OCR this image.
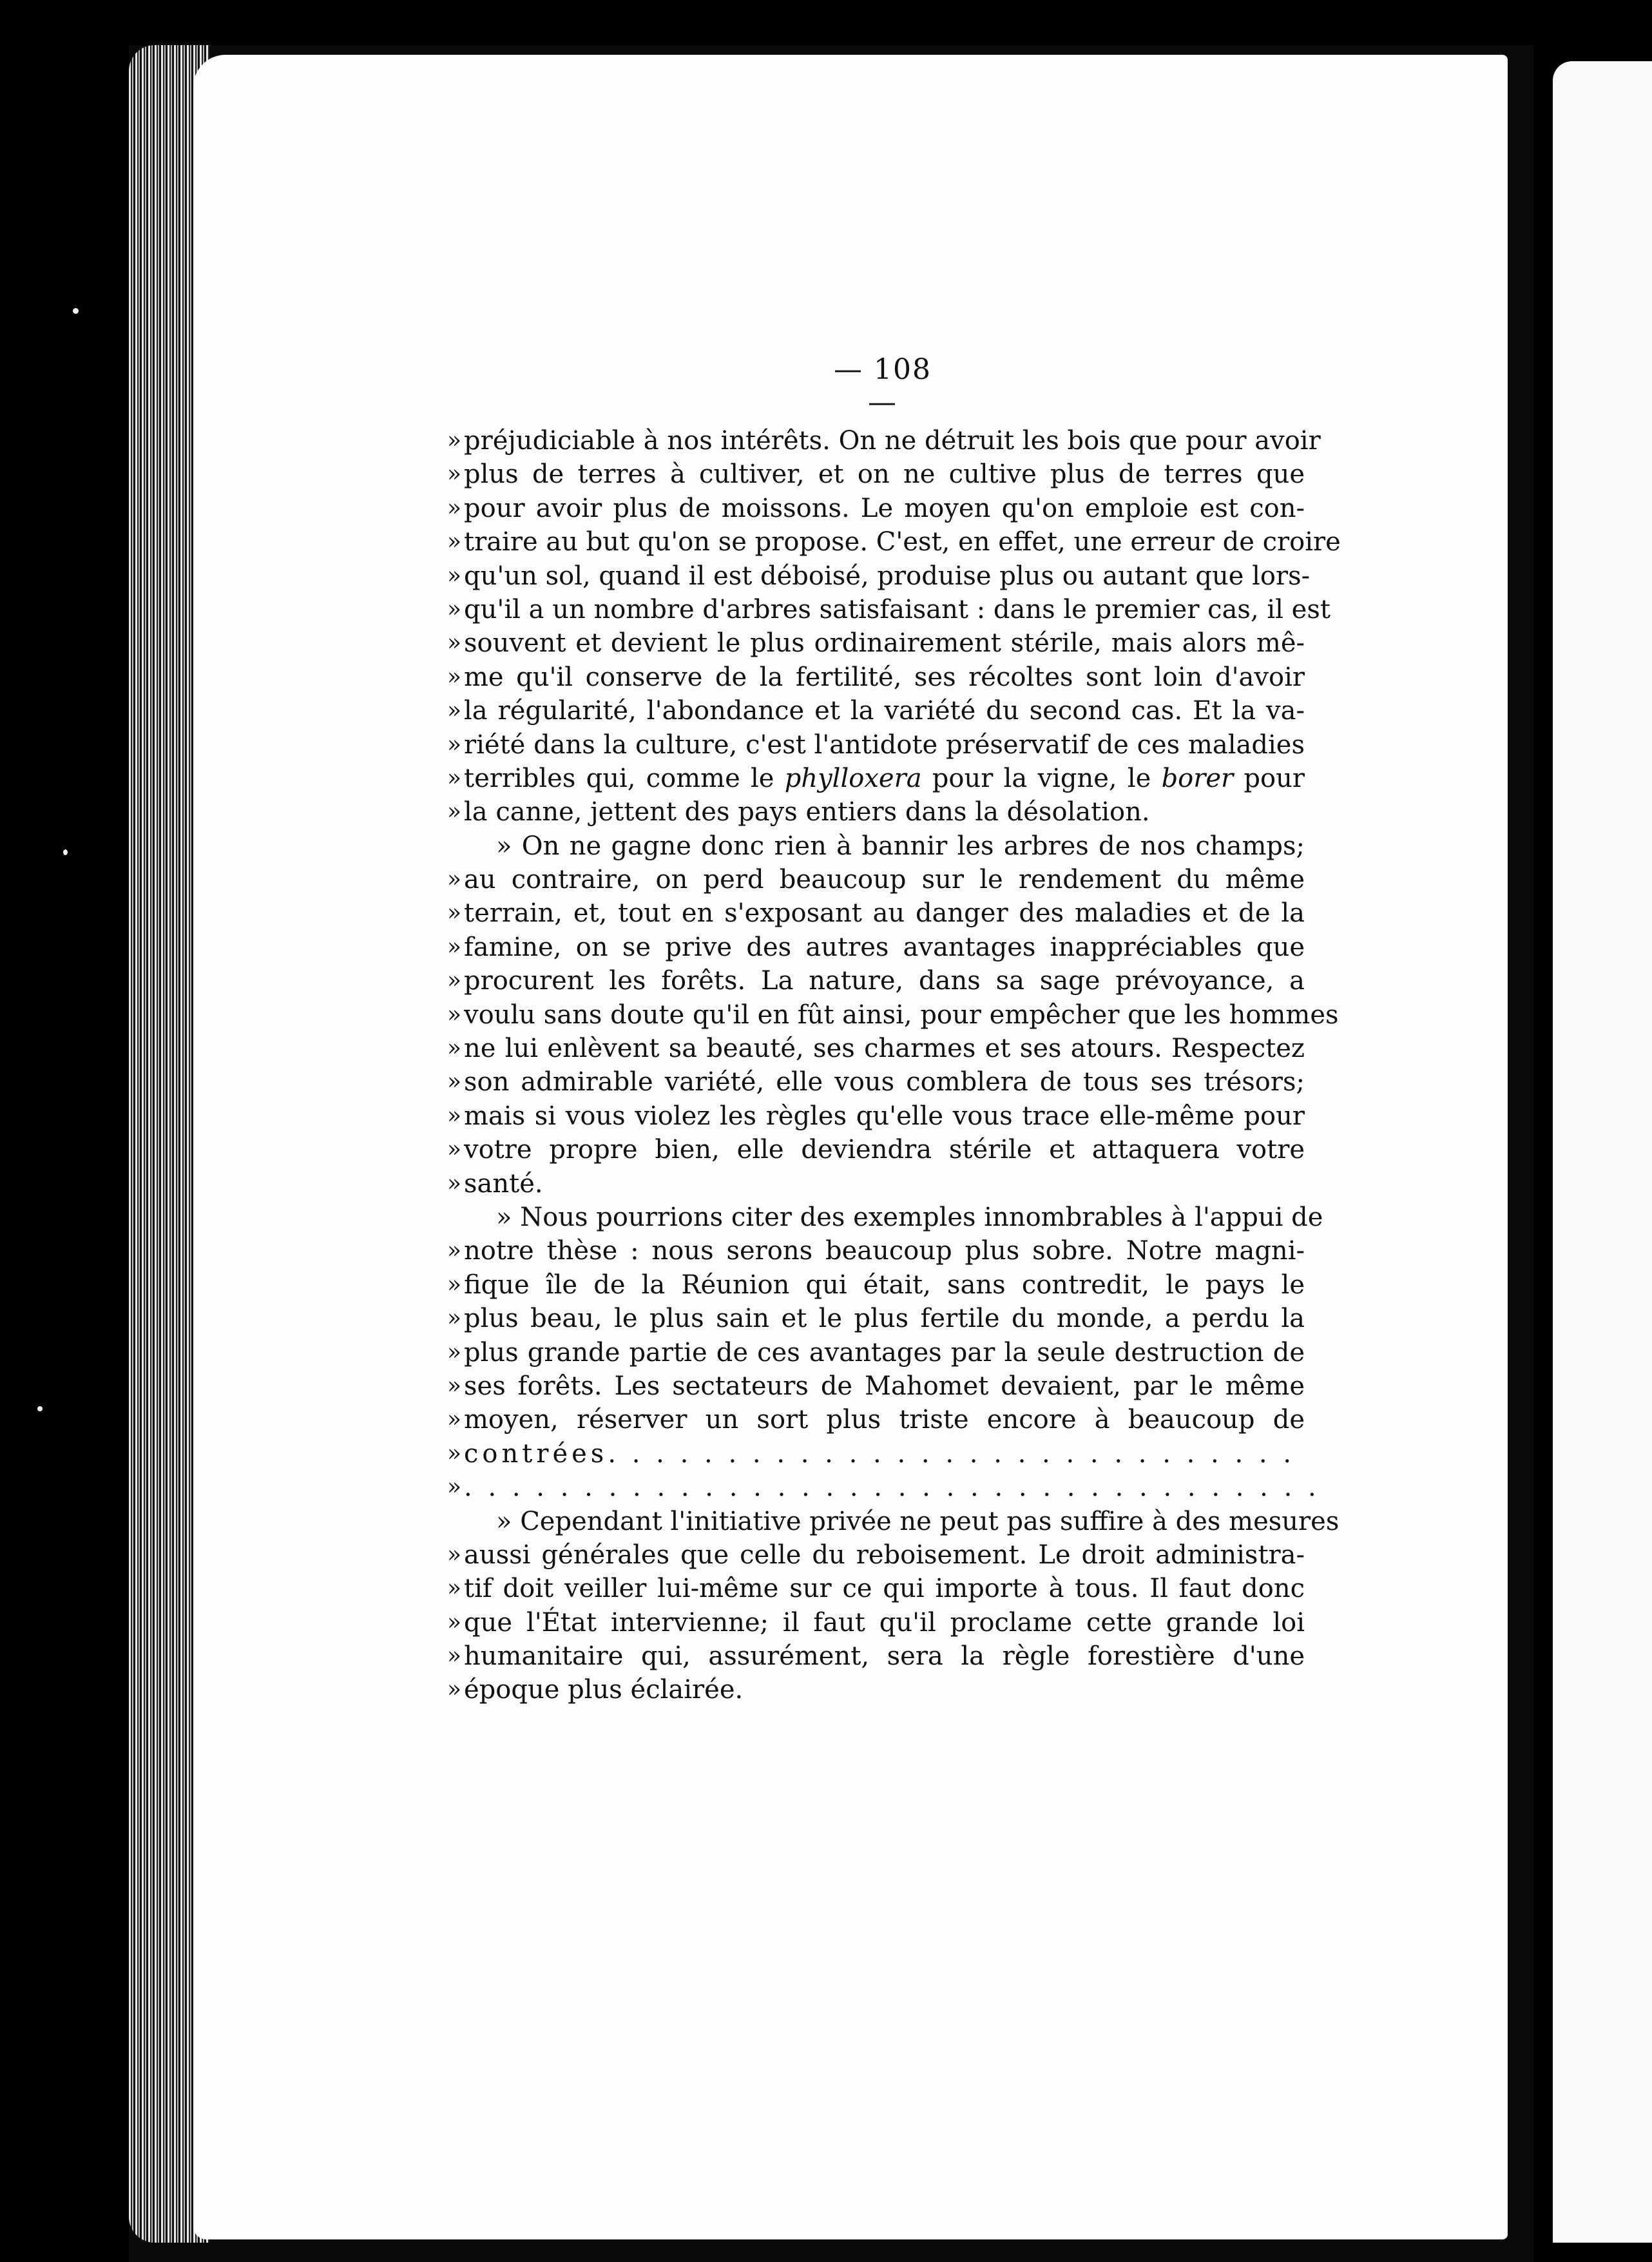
— 108 —
» préjudiciable à nos intérêts. On ne détruit les bois que pour avoir
» plus de terres à cultiver, et on ne cultive plus de terres que
» pour avoir plus de moissons. Le moyen qu'on emploie est con-
» traire au but qu'on se propose. C'est, en effet, une erreur de croire
» qu'un sol, quand il est déboisé, produise plus ou autant que lors-
» qu'il a un nombre d'arbres satisfaisant : dans le premier cas, il est
» souvent et devient le plus ordinairement stérile, mais alors mê-
» me qu'il conserve de la fertilité, ses récoltes sont loin d'avoir
» la régularité, l'abondance et la variété du second cas. Et la va-
» riété dans la culture, c'est l'antidote préservatif de ces maladies
» terribles qui, comme le phylloxera pour la vigne, le borer pour
» la canne, jettent des pays entiers dans la désolation.
» On ne gagne donc rien à bannir les arbres de nos champs;
» au contraire, on perd beaucoup sur le rendement du même
» terrain, et, tout en s'exposant au danger des maladies et de la
» famine, on se prive des autres avantages inappréciables que
» procurent les forêts. La nature, dans sa sage prévoyance, a
» voulu sans doute qu'il en fût ainsi, pour empêcher que les hommes
» ne lui enlèvent sa beauté, ses charmes et ses atours. Respectez
» son admirable variété, elle vous comblera de tous ses trésors;
» mais si vous violez les règles qu'elle vous trace elle-même pour
» votre propre bien, elle deviendra stérile et attaquera votre
» santé.
» Nous pourrions citer des exemples innombrables à l'appui de
» notre thèse : nous serons beaucoup plus sobre. Notre magni-
» fique île de la Réunion qui était, sans contredit, le pays le
» plus beau, le plus sain et le plus fertile du monde, a perdu la
» plus grande partie de ces avantages par la seule destruction de
» ses forêts. Les sectateurs de Mahomet devaient, par le même
» moyen, réserver un sort plus triste encore à beaucoup de
» contrées. . . . . . . . . . . . . . . . . . . . . . . . . . . . .
» . . . . . . . . . . . . . . . . . . . . . . . . . . . . . . . . . . . .
» Cependant l'initiative privée ne peut pas suffire à des mesures
» aussi générales que celle du reboisement. Le droit administra-
» tif doit veiller lui-même sur ce qui importe à tous. Il faut donc
» que l'État intervienne; il faut qu'il proclame cette grande loi
» humanitaire qui, assurément, sera la règle forestière d'une
» époque plus éclairée.
